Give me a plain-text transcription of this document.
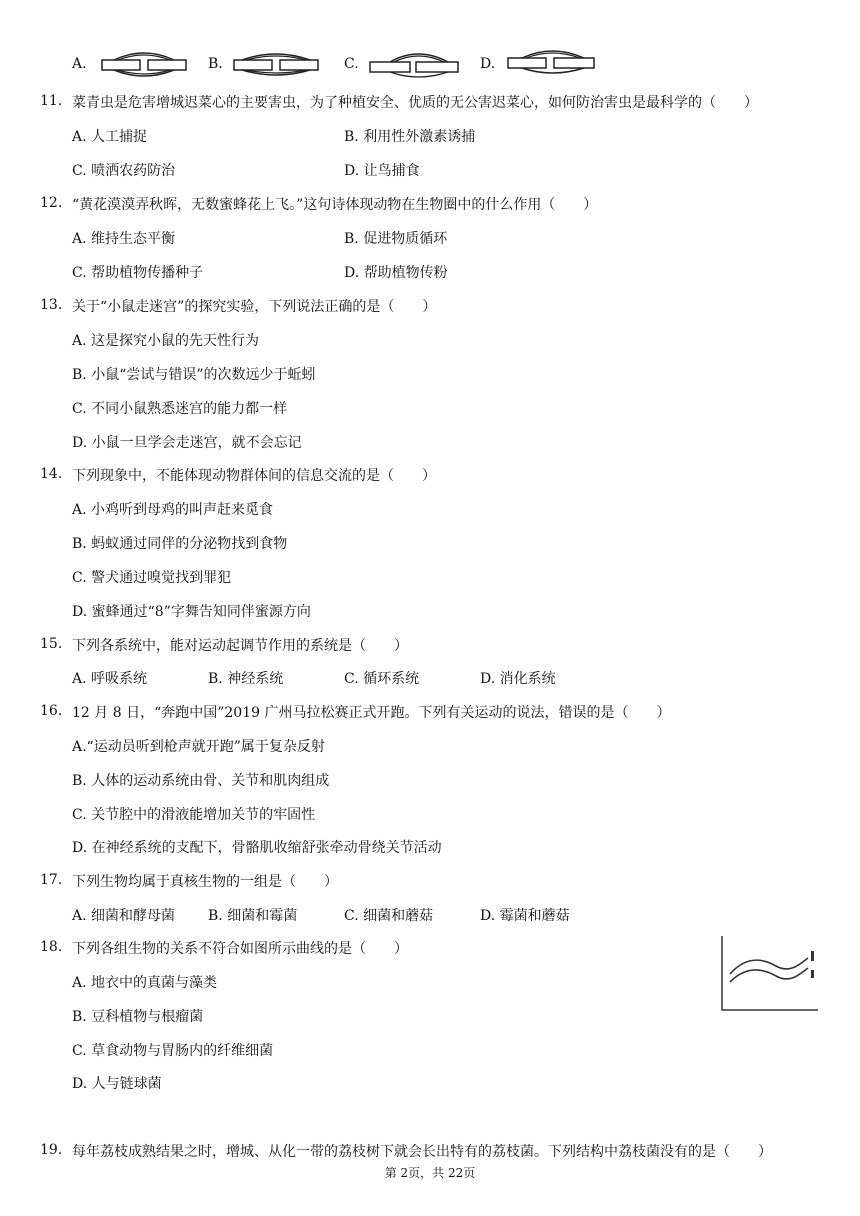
A.	B.	C.	D.
11. 菜青虫是危害增城迟菜心的主要害虫，为了种植安全、优质的无公害迟菜心，如何防治害虫是最科学的（　　）
A. 人工捕捉	B. 利用性外激素诱捕
C. 喷洒农药防治	D. 让鸟捕食
12. “黄花漠漠弄秋晖，无数蜜蜂花上飞。”这句诗体现动物在生物圈中的什么作用（　　）
A. 维持生态平衡	B. 促进物质循环
C. 帮助植物传播种子	D. 帮助植物传粉
13. 关于“小鼠走迷宫”的探究实验，下列说法正确的是（　　）
A. 这是探究小鼠的先天性行为
B. 小鼠“尝试与错误”的次数远少于蚯蚓
C. 不同小鼠熟悉迷宫的能力都一样
D. 小鼠一旦学会走迷宫，就不会忘记
14. 下列现象中，不能体现动物群体间的信息交流的是（　　）
A. 小鸡听到母鸡的叫声赶来觅食
B. 蚂蚁通过同伴的分泌物找到食物
C. 警犬通过嗅觉找到罪犯
D. 蜜蜂通过“8”字舞告知同伴蜜源方向
15. 下列各系统中，能对运动起调节作用的系统是（　　）
A. 呼吸系统	B. 神经系统	C. 循环系统	D. 消化系统
16. 12 月 8 日，“奔跑中国”2019 广州马拉松赛正式开跑。下列有关运动的说法，错误的是（　　）
A.“运动员听到枪声就开跑”属于复杂反射
B. 人体的运动系统由骨、关节和肌肉组成
C. 关节腔中的滑液能增加关节的牢固性
D. 在神经系统的支配下，骨骼肌收缩舒张牵动骨绕关节活动
17. 下列生物均属于真核生物的一组是（　　）
A. 细菌和酵母菌 B. 细菌和霉菌	C. 细菌和蘑菇	D. 霉菌和蘑菇
18. 下列各组生物的关系不符合如图所示曲线的是（　　）
A. 地衣中的真菌与藻类
B. 豆科植物与根瘤菌
C. 草食动物与胃肠内的纤维细菌
D. 人与链球菌
19. 每年荔枝成熟结果之时，增城、从化一带的荔枝树下就会长出特有的荔枝菌。下列结构中荔枝菌没有的是（　　）
第 2页，共 22页
